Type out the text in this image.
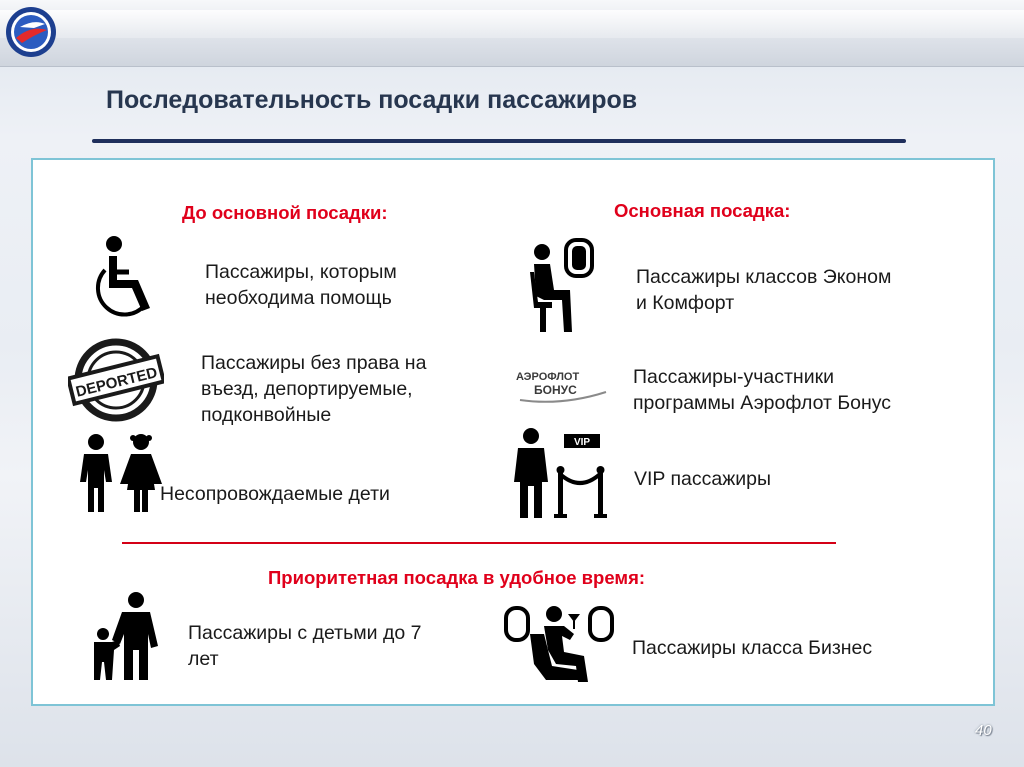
Последовательность посадки пассажиров
До основной посадки:
Пассажиры, которым
необходима помощь
DEPORTED
Пассажиры без права на
въезд, депортируемые,
подконвойные
Несопровождаемые дети
Основная посадка:
Пассажиры классов Эконом
и Комфорт
АЭРОФЛОТ
БОНУС
Пассажиры-участники
программы Аэрофлот Бонус
VIP
VIP пассажиры
Приоритетная посадка в удобное время:
Пассажиры с детьми до 7
лет	Пассажиры класса Бизнес
40
